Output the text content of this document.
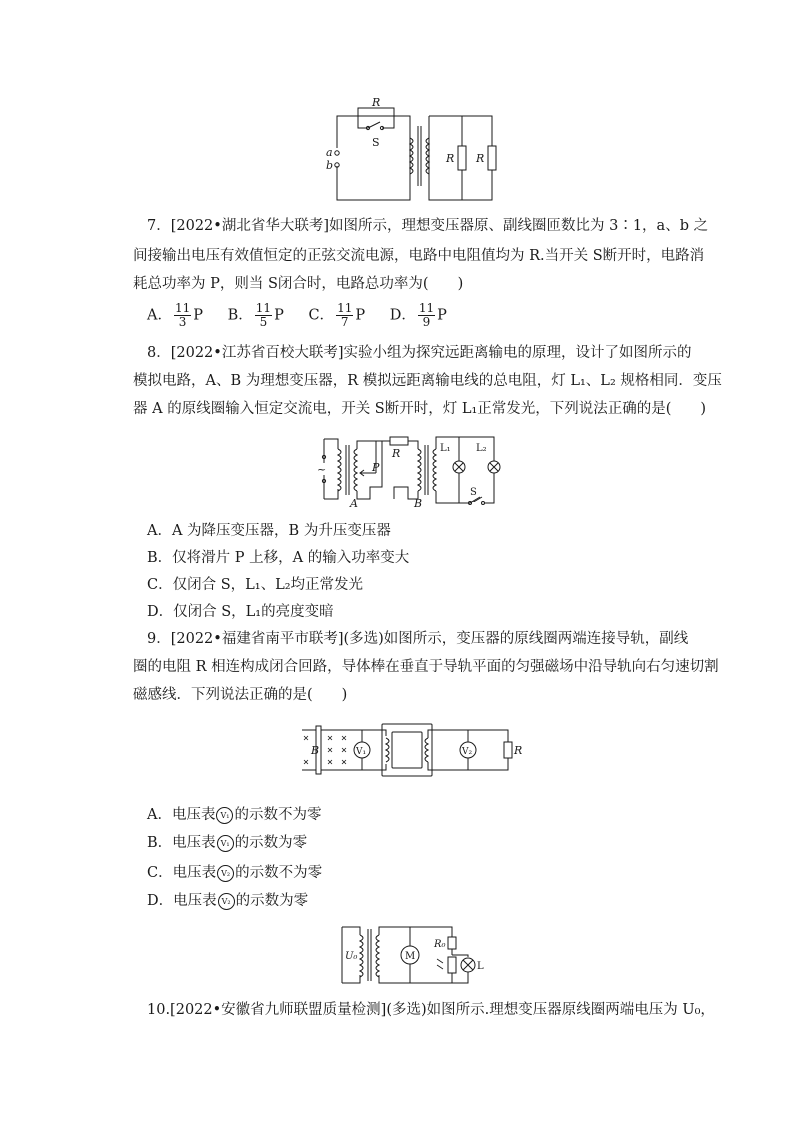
R
S
a
b
R R
7．[2022•湖北省华大联考]如图所示，理想变压器原、副线圈匝数比为 3∶1，a、b 之
间接输出电压有效值恒定的正弦交流电源，电路中电阻值均为 R.当开关 S断开时，电路消
耗总功率为 P，则当 S闭合时，电路总功率为(　　)
A． $\frac{11}{3}$ P B． $\frac{11}{5}$ P C． $\frac{11}{7}$ P D． $\frac{11}{9}$ P
8．[2022•江苏省百校大联考]实验小组为探究远距离输电的原理，设计了如图所示的
模拟电路，A、B 为理想变压器，R 模拟远距离输电线的总电阻，灯 L₁、L₂ 规格相同．变压
器 A 的原线圈输入恒定交流电，开关 S断开时，灯 L₁正常发光，下列说法正确的是(　　)
~
R
P
A	B
L₁	L₂
S
A．A 为降压变压器，B 为升压变压器
B．仅将滑片 P 上移，A 的输入功率变大
C．仅闭合 S，L₁、L₂均正常发光
D．仅闭合 S，L₁的亮度变暗
9．[2022•福建省南平市联考](多选)如图所示，变压器的原线圈两端连接导轨，副线
圈的电阻 R 相连构成闭合回路，导体棒在垂直于导轨平面的匀强磁场中沿导轨向右匀速切割
磁感线．下列说法正确的是(　　)
B	V₁	V₂	R
A．电压表 V₁ 的示数不为零
B．电压表 V₁ 的示数为零
C．电压表 V₂ 的示数不为零
D．电压表 V₂ 的示数为零
U₀	M
R₀
L
10.[2022•安徽省九师联盟质量检测](多选)如图所示.理想变压器原线圈两端电压为 U₀，
